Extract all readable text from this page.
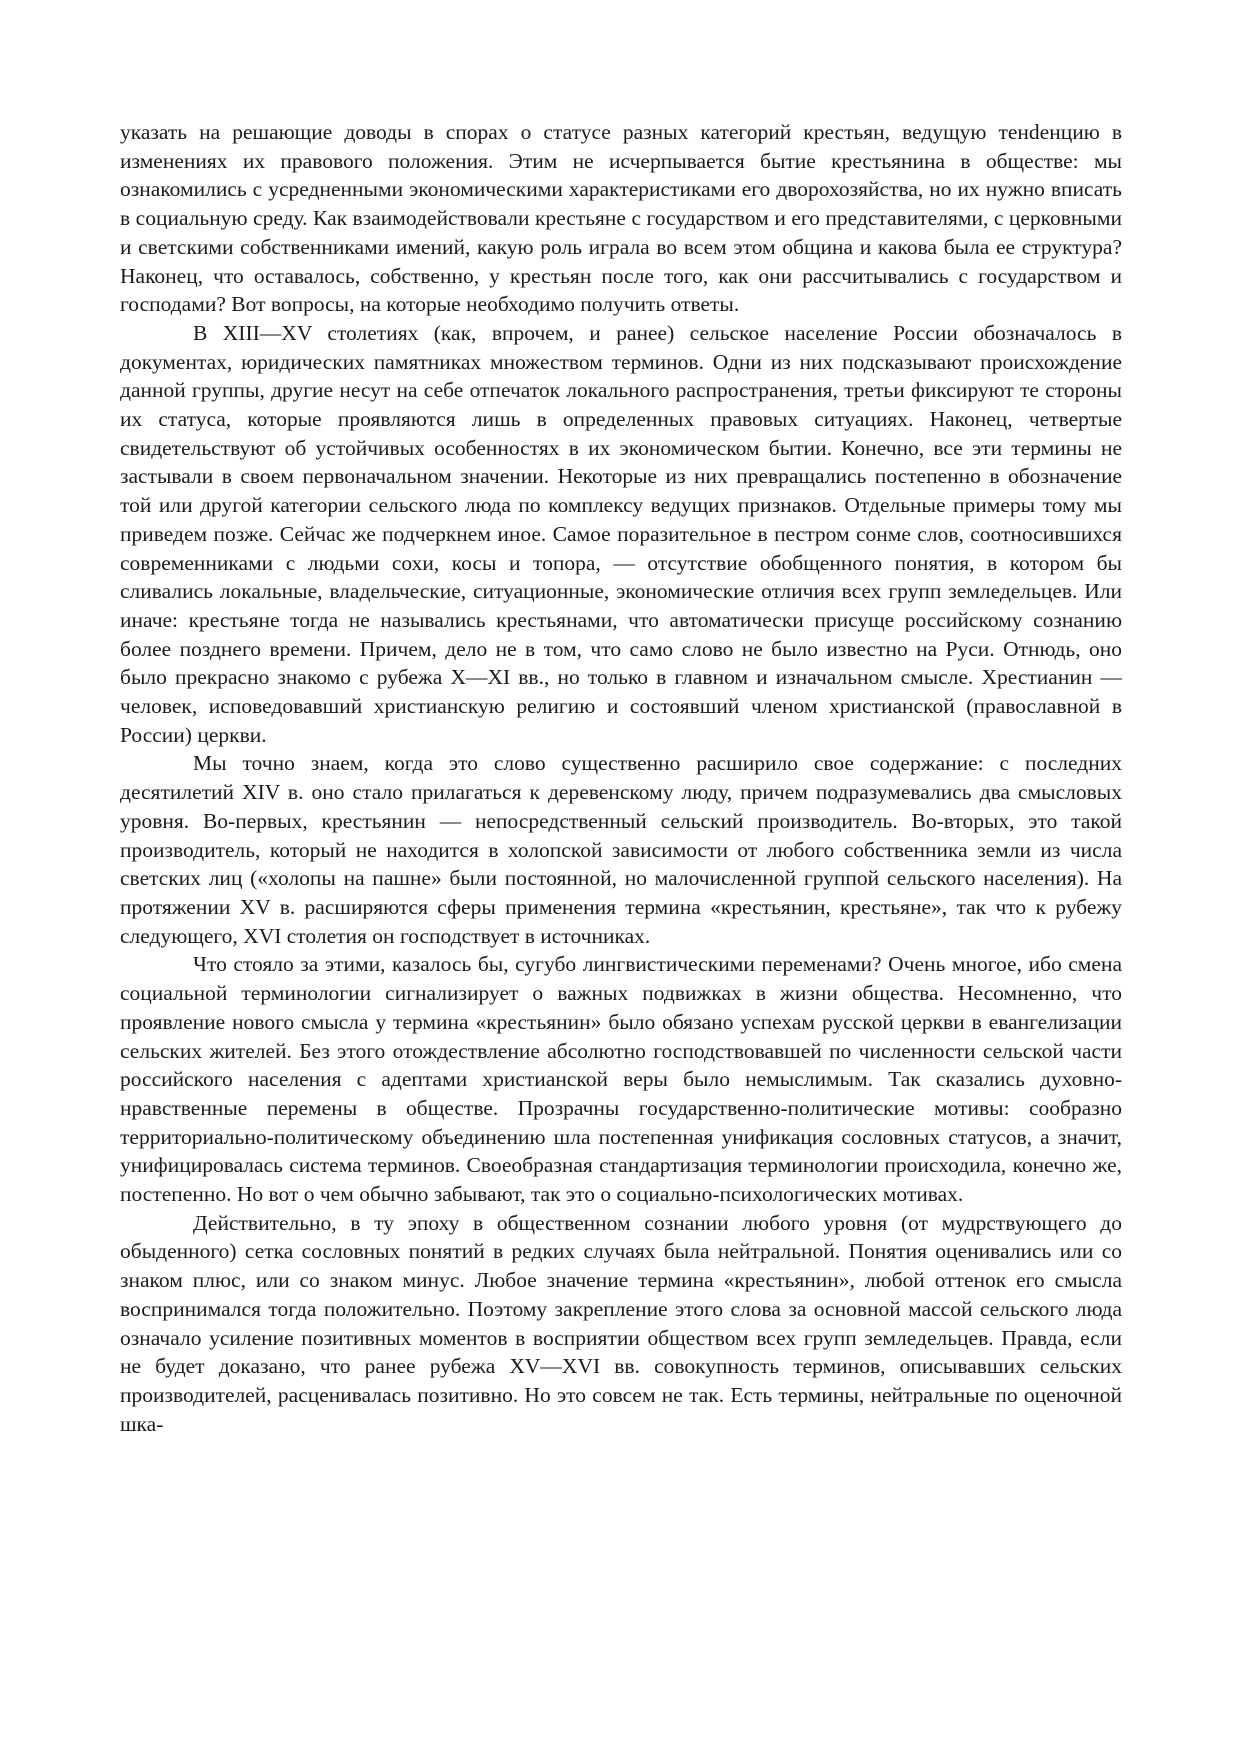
указать на решающие доводы в спорах о статусе разных категорий крестьян, ведущую тенdенцию в изменениях их правового положения. Этим не исчерпывается бытие крестьянина в обществе: мы ознакомились с усредненными экономическими характеристиками его дворохозяйства, но их нужно вписать в социальную среду. Как взаимодействовали крестьяне с государством и его представителями, с церковными и светскими собственниками имений, какую роль играла во всем этом община и какова была ее структура? Наконец, что оставалось, собственно, у крестьян после того, как они рассчитывались с государством и господами? Вот вопросы, на которые необходимо получить ответы.

В XIII—XV столетиях (как, впрочем, и ранее) сельское население России обозначалось в документах, юридических памятниках множеством терминов. Одни из них подсказывают происхождение данной группы, другие несут на себе отпечаток локального распространения, третьи фиксируют те стороны их статуса, которые проявляются лишь в определенных правовых ситуациях. Наконец, четвертые свидетельствуют об устойчивых особенностях в их экономическом бытии. Конечно, все эти термины не застывали в своем первоначальном значении. Некоторые из них превращались постепенно в обозначение той или другой категории сельского люда по комплексу ведущих признаков. Отдельные примеры тому мы приведем позже. Сейчас же подчеркнем иное. Самое поразительное в пестром сонме слов, соотносившихся современниками с людьми сохи, косы и топора, — отсутствие обобщенного понятия, в котором бы сливались локальные, владельческие, ситуационные, экономические отличия всех групп земледельцев. Или иначе: крестьяне тогда не назывались крестьянами, что автоматически присуще российскому сознанию более позднего времени. Причем, дело не в том, что само слово не было известно на Руси. Отнюдь, оно было прекрасно знакомо с рубежа X—XI вв., но только в главном и изначальном смысле. Хрестианин — человек, исповедовавший христианскую религию и состоявший членом христианской (православной в России) церкви.

Мы точно знаем, когда это слово существенно расширило свое содержание: с последних десятилетий XIV в. оно стало прилагаться к деревенскому люду, причем подразумевались два смысловых уровня. Во-первых, крестьянин — непосредственный сельский производитель. Во-вторых, это такой производитель, который не находится в холопской зависимости от любого собственника земли из числа светских лиц («холопы на пашне» были постоянной, но малочисленной группой сельского населения). На протяжении XV в. расширяются сферы применения термина «крестьянин, крестьяне», так что к рубежу следующего, XVI столетия он господствует в источниках.

Что стояло за этими, казалось бы, сугубо лингвистическими переменами? Очень многое, ибо смена социальной терминологии сигнализирует о важных подвижках в жизни общества. Несомненно, что проявление нового смысла у термина «крестьянин» было обязано успехам русской церкви в евангелизации сельских жителей. Без этого отождествление абсолютно господствовавшей по численности сельской части российского населения с адептами христианской веры было немыслимым. Так сказались духовно-нравственные перемены в обществе. Прозрачны государственно-политические мотивы: сообразно территориально-политическому объединению шла постепенная унификация сословных статусов, а значит, унифицировалась система терминов. Своеобразная стандартизация терминологии происходила, конечно же, постепенно. Но вот о чем обычно забывают, так это о социально-психологических мотивах.

Действительно, в ту эпоху в общественном сознании любого уровня (от мудрствующего до обыденного) сетка сословных понятий в редких случаях была нейтральной. Понятия оценивались или со знаком плюс, или со знаком минус. Любое значение термина «крестьянин», любой оттенок его смысла воспринимался тогда положительно. Поэтому закрепление этого слова за основной массой сельского люда означало усиление позитивных моментов в восприятии обществом всех групп земледельцев. Правда, если не будет доказано, что ранее рубежа XV—XVI вв. совокупность терминов, описывавших сельских производителей, расценивалась позитивно. Но это совсем не так. Есть термины, нейтральные по оценочной шка-
